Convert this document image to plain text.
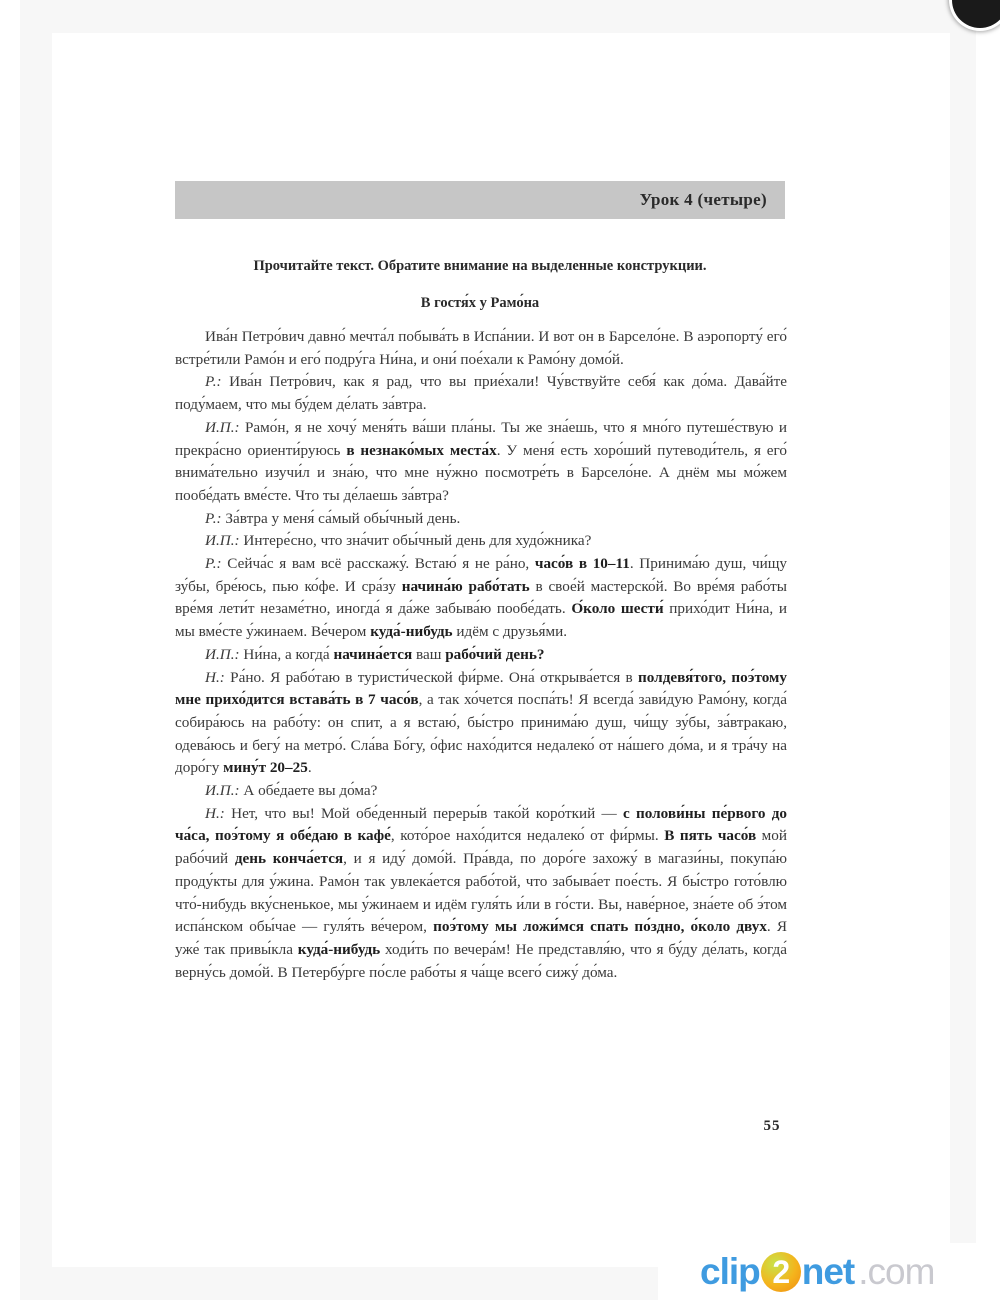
Урок 4 (четыре)
Прочитайте текст. Обратите внимание на выделенные конструкции.
В гостя́х у Рамо́на

Ива́н Петро́вич давно́ мечта́л побыва́ть в Испа́нии. И вот он в Барсело́не. В аэропорту́ его́ встре́тили Рамо́н и его́ подру́га Ни́на, и они́ пое́хали к Рамо́ну домо́й.

Р.: Ива́н Петро́вич, как я рад, что вы прие́хали! Чу́вствуйте себя́ как до́ма. Дава́йте поду́маем, что мы бу́дем де́лать за́втра.

И.П.: Рамо́н, я не хочу́ меня́ть ва́ши пла́ны. Ты же зна́ешь, что я мно́го путеше́ствую и прекра́сно ориенти́руюсь в незнако́мых места́х. У меня́ есть хоро́ший путеводи́тель, я его́ внима́тельно изучи́л и зна́ю, что мне ну́жно посмотре́ть в Барсело́не. А днём мы мо́жем пообе́дать вме́сте. Что ты де́лаешь за́втра?

Р.: За́втра у меня́ са́мый обы́чный день.

И.П.: Интере́сно, что зна́чит обы́чный день для худо́жника?

Р.: Сейча́с я вам всё расскажу́. Встаю́ я не ра́но, часо́в в 10–11. Принима́ю душ, чи́щу зу́бы, бре́юсь, пью ко́фе. И сра́зу начина́ю рабо́тать в свое́й мастерско́й. Во вре́мя рабо́ты вре́мя лети́т незаме́тно, иногда́ я да́же забыва́ю пообе́дать. О́коло шести́ прихо́дит Ни́на, и мы вме́сте у́жинаем. Ве́чером куда́-нибудь идём с друзья́ми.

И.П.: Ни́на, а когда́ начина́ется ваш рабо́чий день?

Н.: Ра́но. Я рабо́таю в туристи́ческой фи́рме. Она́ открыва́ется в полдевя́того, поэ́тому мне прихо́дится встава́ть в 7 часо́в, а так хо́чется поспа́ть! Я всегда́ зави́дую Рамо́ну, когда́ собира́юсь на рабо́ту: он спит, а я встаю́, бы́стро принима́ю душ, чи́щу зу́бы, за́втракаю, одева́юсь и бегу́ на метро́. Сла́ва Бо́гу, о́фис нахо́дится недалеко́ от на́шего до́ма, и я тра́чу на доро́гу мину́т 20–25.

И.П.: А обе́даете вы до́ма?

Н.: Нет, что вы! Мой обе́денный переры́в тако́й коро́ткий — с полови́ны пе́рвого до ча́са, поэ́тому я обе́даю в кафе́, кото́рое нахо́дится недалеко́ от фи́рмы. В пять часо́в мой рабо́чий день конча́ется, и я иду́ домо́й. Пра́вда, по доро́ге захожу́ в магази́ны, покупа́ю проду́кты для у́жина. Рамо́н так увлека́ется рабо́той, что забыва́ет пое́сть. Я бы́стро гото́влю что́-нибудь вку́сненькое, мы у́жинаем и идём гуля́ть и́ли в го́сти. Вы, наве́рное, зна́ете об э́том испа́нском обы́чае — гуля́ть ве́чером, поэ́тому мы ложи́мся спать по́здно, о́коло двух. Я уже́ так привы́кла куда́-нибудь ходи́ть по вечера́м! Не представля́ю, что я бу́ду де́лать, когда́ верну́сь домо́й. В Петербу́рге по́сле рабо́ты я ча́ще всего́ сижу́ до́ма.

55
clip 2 net .com
